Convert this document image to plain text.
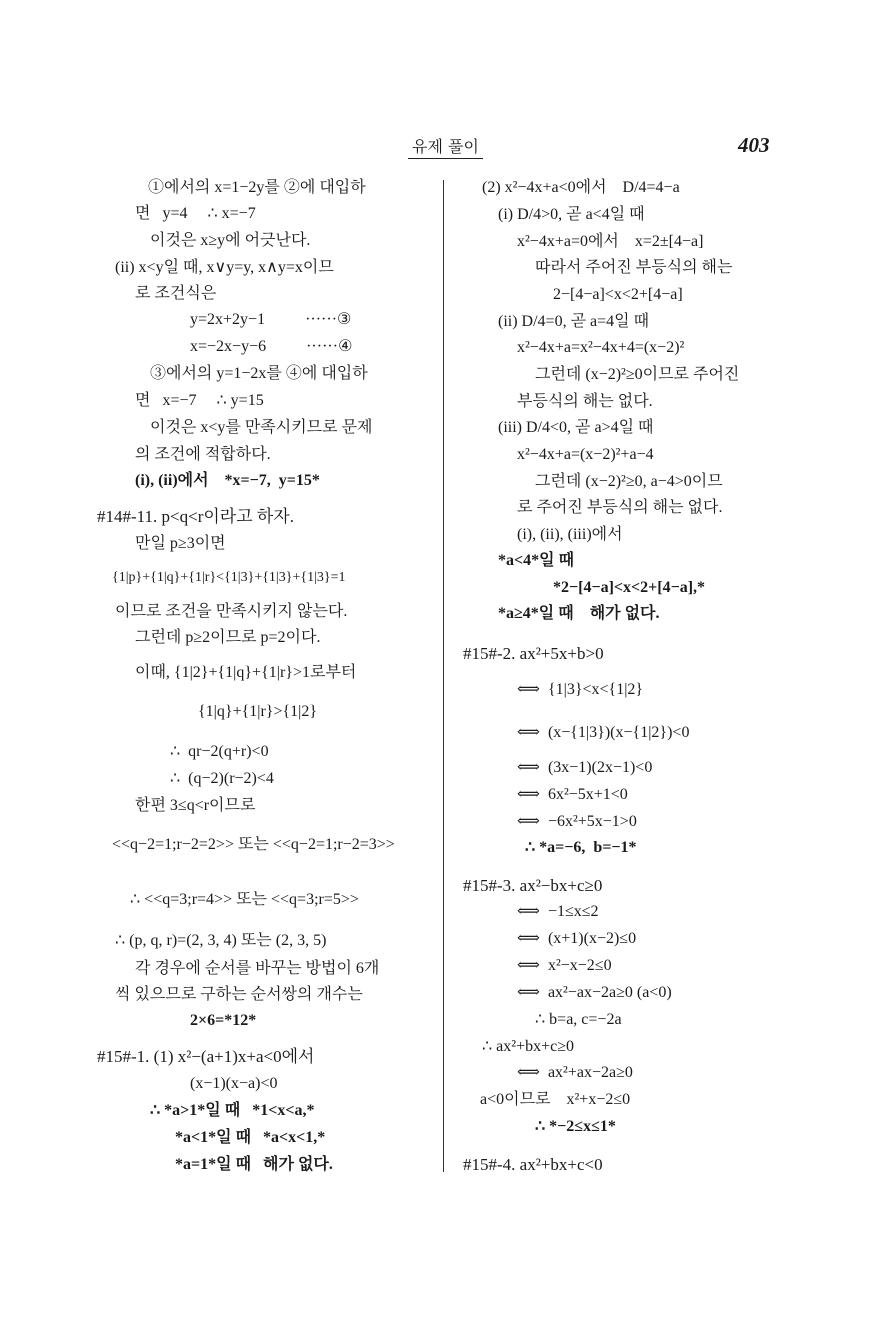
유제 풀이	403
①에서의 x=1−2y를 ②에 대입하
면   y=4     ∴ x=−7
이것은 x≥y에 어긋난다.
(ii) x<y일 때, x∨y=y, x∧y=x이므
로 조건식은
y=2x+2y−1          ······③
x=−2x−y−6          ······④
③에서의 y=1−2x를 ④에 대입하
면   x=−7     ∴ y=15
이것은 x<y를 만족시키므로 문제
의 조건에 적합하다.
(i), (ii)에서    *x=−7,  y=15*
#14#-11. p<q<r이라고 하자.
만일 p≥3이면
{1|p}+{1|q}+{1|r}<{1|3}+{1|3}+{1|3}=1
이므로 조건을 만족시키지 않는다.
그런데 p≥2이므로 p=2이다.
이때, {1|2}+{1|q}+{1|r}>1로부터
{1|q}+{1|r}>{1|2}
∴  qr−2(q+r)<0
∴  (q−2)(r−2)<4
한편 3≤q<r이므로
<<q−2=1;r−2=2>> 또는 <<q−2=1;r−2=3>>
∴ <<q=3;r=4>> 또는 <<q=3;r=5>>
∴ (p, q, r)=(2, 3, 4) 또는 (2, 3, 5)
각 경우에 순서를 바꾸는 방법이 6개
씩 있으므로 구하는 순서쌍의 개수는
2×6=*12*
#15#-1. (1) x²−(a+1)x+a<0에서
(x−1)(x−a)<0
∴ *a>1*일 때   *1<x<a,*
*a<1*일 때   *a<x<1,*
*a=1*일 때   해가 없다.
(2) x²−4x+a<0에서    D/4=4−a
(i) D/4>0, 곧 a<4일 때
x²−4x+a=0에서    x=2±[4−a]
따라서 주어진 부등식의 해는
2−[4−a]<x<2+[4−a]
(ii) D/4=0, 곧 a=4일 때
x²−4x+a=x²−4x+4=(x−2)²
그런데 (x−2)²≥0이므로 주어진
부등식의 해는 없다.
(iii) D/4<0, 곧 a>4일 때
x²−4x+a=(x−2)²+a−4
그런데 (x−2)²≥0, a−4>0이므
로 주어진 부등식의 해는 없다.
(i), (ii), (iii)에서
*a<4*일 때
*2−[4−a]<x<2+[4−a],*
*a≥4*일 때    해가 없다.
#15#-2. ax²+5x+b>0
⟺  {1|3}<x<{1|2}
⟺  (x−{1|3})(x−{1|2})<0
⟺  (3x−1)(2x−1)<0
⟺  6x²−5x+1<0
⟺  −6x²+5x−1>0
∴ *a=−6,  b=−1*
#15#-3. ax²−bx+c≥0
⟺  −1≤x≤2
⟺  (x+1)(x−2)≤0
⟺  x²−x−2≤0
⟺  ax²−ax−2a≥0 (a<0)
∴ b=a, c=−2a
∴ ax²+bx+c≥0
⟺  ax²+ax−2a≥0
a<0이므로    x²+x−2≤0
∴ *−2≤x≤1*
#15#-4. ax²+bx+c<0
